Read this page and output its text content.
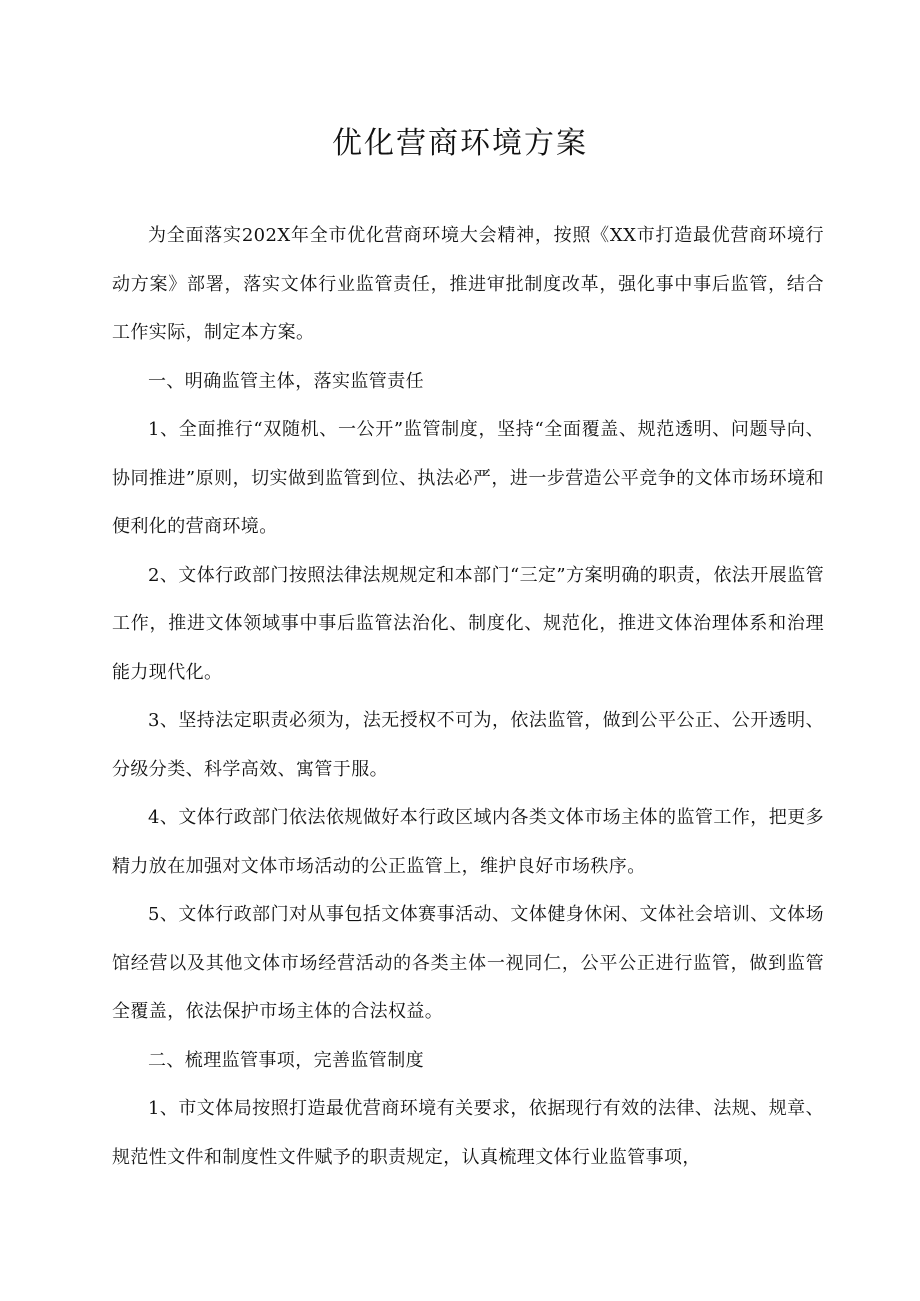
优化营商环境方案

为全面落实202X年全市优化营商环境大会精神，按照《XX市打造最优营商环境行动方案》部署，落实文体行业监管责任，推进审批制度改革，强化事中事后监管，结合工作实际，制定本方案。

一、明确监管主体，落实监管责任

1、全面推行“双随机、一公开”监管制度，坚持“全面覆盖、规范透明、问题导向、协同推进”原则，切实做到监管到位、执法必严，进一步营造公平竞争的文体市场环境和便利化的营商环境。

2、文体行政部门按照法律法规规定和本部门“三定”方案明确的职责，依法开展监管工作，推进文体领域事中事后监管法治化、制度化、规范化，推进文体治理体系和治理能力现代化。

3、坚持法定职责必须为，法无授权不可为，依法监管，做到公平公正、公开透明、分级分类、科学高效、寓管于服。

4、文体行政部门依法依规做好本行政区域内各类文体市场主体的监管工作，把更多精力放在加强对文体市场活动的公正监管上，维护良好市场秩序。

5、文体行政部门对从事包括文体赛事活动、文体健身休闲、文体社会培训、文体场馆经营以及其他文体市场经营活动的各类主体一视同仁，公平公正进行监管，做到监管全覆盖，依法保护市场主体的合法权益。

二、梳理监管事项，完善监管制度

1、市文体局按照打造最优营商环境有关要求，依据现行有效的法律、法规、规章、规范性文件和制度性文件赋予的职责规定，认真梳理文体行业监管事项，
